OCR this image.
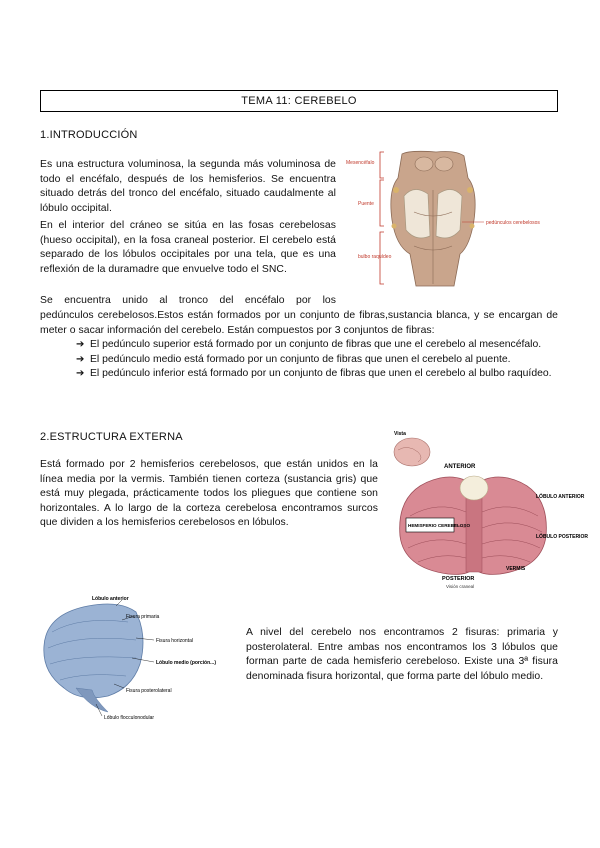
TEMA 11: CEREBELO
1.INTRODUCCIÓN
Es una estructura voluminosa, la segunda más voluminosa de todo el encéfalo, después de los hemisferios. Se encuentra situado detrás del tronco del encéfalo, situado caudalmente al lóbulo occipital.
En el interior del cráneo se sitúa en las fosas cerebelosas (hueso occipital), en la fosa craneal posterior. El cerebelo está separado de los lóbulos occipitales por una tela, que es una reflexión de la duramadre que envuelve todo el SNC.
Se encuentra unido al tronco del encéfalo por los
pedúnculos cerebelosos.Estos están formados por un conjunto de fibras,sustancia blanca, y se encargan de meter o sacar información del cerebelo. Están compuestos por 3 conjuntos de fibras:
➔ El pedúnculo superior está formado por un conjunto de fibras que une el cerebelo al mesencéfalo.
➔ El pedúnculo medio está formado por un conjunto de fibras que unen el cerebelo al puente.
➔ El pedúnculo inferior está formado por un conjunto de fibras que unen el cerebelo al bulbo raquídeo.
Mesencéfalo
Puente
pedúnculos cerebelosos
bulbo raquídeo
2.ESTRUCTURA EXTERNA
Está formado por 2 hemisferios cerebelosos, que están unidos en la línea media por la vermis. También tienen corteza (sustancia gris) que está muy plegada, prácticamente todos los pliegues que contiene son horizontales. A lo largo de la corteza cerebelosa encontramos surcos que dividen a los hemisferios cerebelosos en lóbulos.
Vista
ANTERIOR
LÓBULO ANTERIOR
HEMISFERIO CEREBELOSO
LÓBULO POSTERIOR
VERMIS
POSTERIOR
Visión craneal
Lóbulo anterior
Fisura primaria
Fisura horizontal
Lóbulo medio (porción...)
Fisura posterolateral
Lóbulo flocculonodular
A nivel del cerebelo nos encontramos 2 fisuras: primaria y posterolateral. Entre ambas nos encontramos los 3 lóbulos que forman parte de cada hemisferio cerebeloso. Existe una 3ª fisura denominada fisura horizontal, que forma parte del lóbulo medio.
